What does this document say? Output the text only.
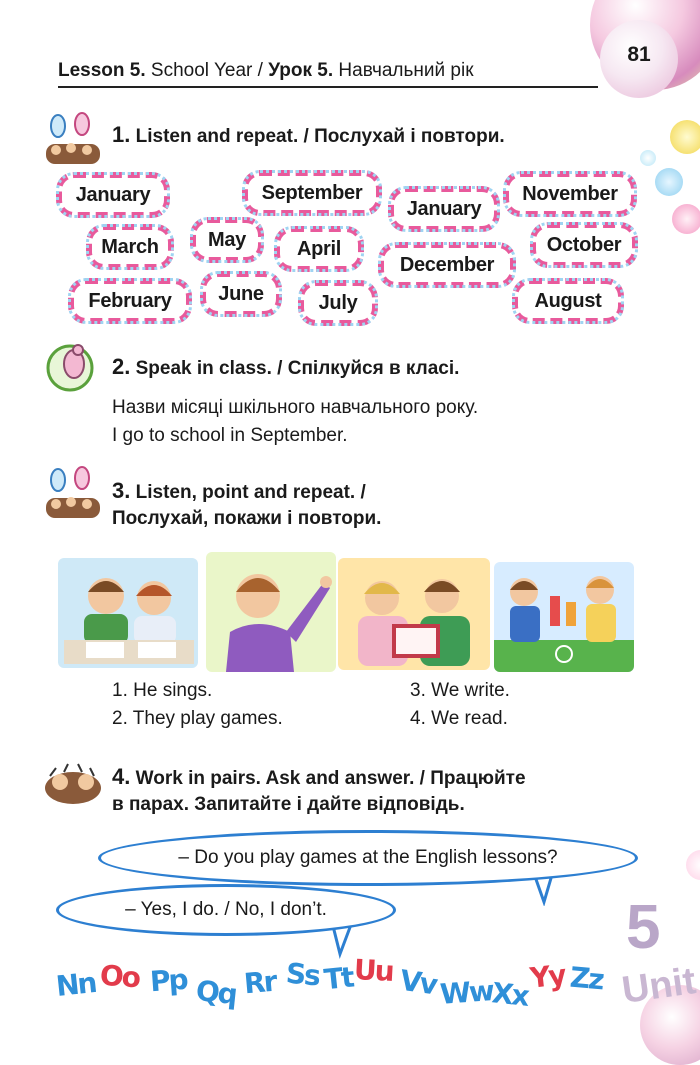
Lesson 5. School Year / Урок 5. Навчальний рік
81
1. Listen and repeat. / Послухай і повтори.
January	September
January
November
March	May	April
December
October
February	June	July	August
2. Speak in class. / Спілкуйся в класі.
Назви місяці шкільного навчального року.
I go to school in September.
3. Listen, point and repeat. /
Послухай, покажи і повтори.
1. He sings.
2. They play games.
3. We write.
4. We read.
4. Work in pairs. Ask and answer. / Працюйте
в парах. Запитайте і дайте відповідь.
– Do you play games at the English lessons?
– Yes, I do. / No, I don’t.
Nn Oo Pp Qq Rr Ss Tt Uu Vv Ww
Xx Yy Zz
5
Unit
